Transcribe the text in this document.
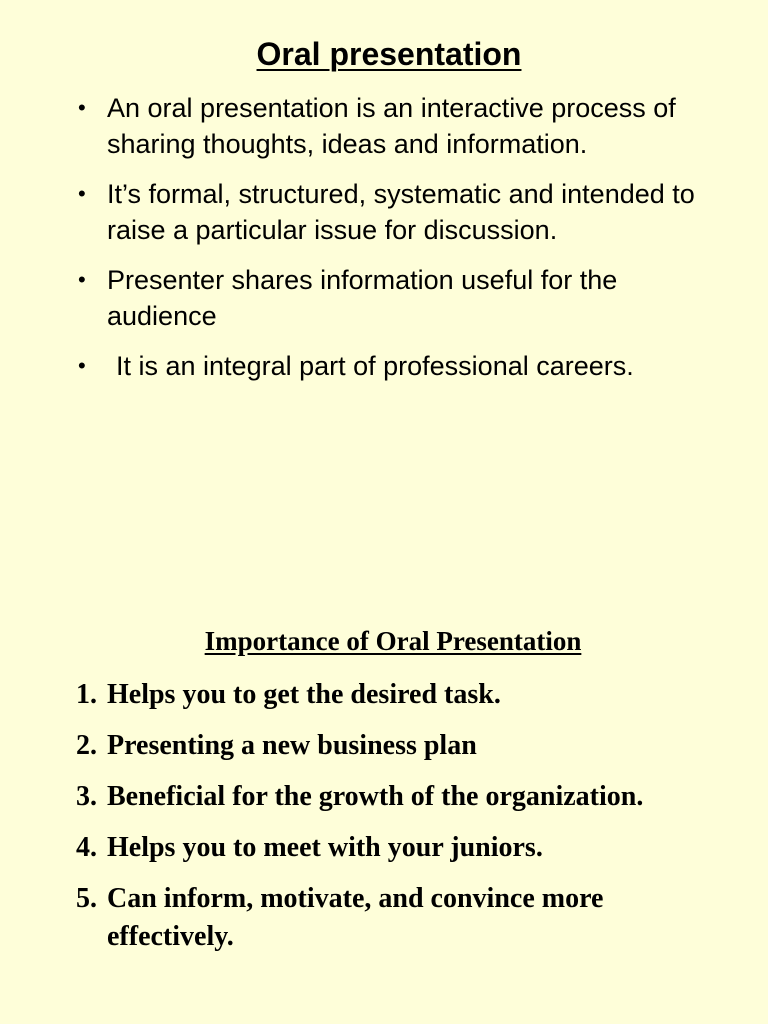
Oral presentation
• An oral presentation is an interactive process of sharing thoughts, ideas and information.
• It’s formal, structured, systematic and intended to raise a particular issue for discussion.
• Presenter shares information useful for the audience
• It is an integral part of professional careers.
Importance of Oral Presentation
1. Helps you to get the desired task.
2. Presenting a new business plan
3. Beneficial for the growth of the organization.
4. Helps you to meet with your juniors.
5. Can inform, motivate, and convince more effectively.
